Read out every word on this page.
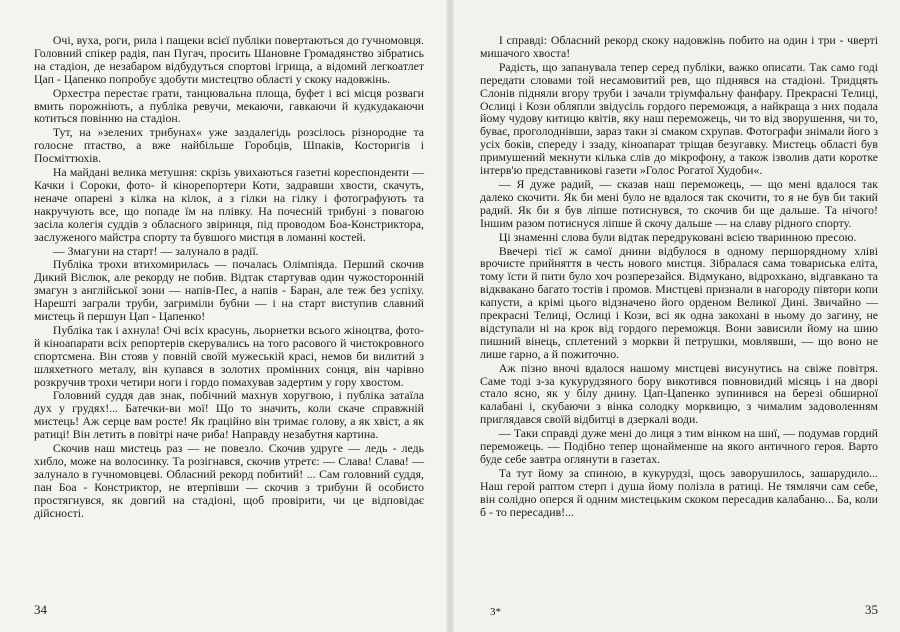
Очі, вуха, роги, рила і пащеки всієї публіки повертаються до гучномовця. Головний спікер радія, пан Пугач, просить Шановне Громадянство зібратись на стадіон, де незабаром відбудуться спортові ігрища, а відомий легкоатлет Цап - Цапенко попробує здобути мистецтво області у скоку надовжінь.

Орхестра перестає грати, танцювальна площа, буфет і всі місця розваги вмить порожніють, а публіка ревучи, мекаючи, гавкаючи й кудкудакаючи котиться повінню на стадіон.

Тут, на »зелених трибунах« уже заздалегідь розсілось різнородне та голосне птаство, а вже найбільше Горобців, Шпаків, Косторигів і Посміттюхів.

На майдані велика метушня: скрізь увихаються газетні кореспонденти — Качки і Сороки, фото- й кінорепортери Коти, задравши хвости, скачуть, неначе опарені з кілка на кілок, а з гілки на гілку і фотографують та накручують все, що попаде їм на плівку. На почесній трибуні з повагою засіла колегія суддів з обласного звіринця, під проводом Боа-Констриктора, заслуженого майстра спорту та бувшого мистця в ломанні костей.

— Змагуни на старт! — залунало в радії.

Публіка трохи втихомирилась — почалась Олімпіяда. Перший скочив Дикий Віслюк, але рекорду не побив. Відтак стартував один чужосторонній змагун з англійської зони — напів-Пес, а напів - Баран, але теж без успіху. Нарешті заграли труби, загриміли бубни — і на старт виступив славний мистець й першун Цап - Цапенко!

Публіка так і ахнула! Очі всіх красунь, льорнетки всього жіноцтва, фото- й кіноапарати всіх репортерів скерувались на того расового й чистокровного спортсмена. Він стояв у повній своїй мужеській красі, немов би вилитий з шляхетного металу, він купався в золотих промінних сонця, він чарівно розкручив трохи четири ноги і гордо помахував задертим у гору хвостом.

Головний суддя дав знак, побічний махнув хоругвою, і публіка затаїла дух у грудях!... Батечки-ви мої! Що то значить, коли скаче справжній мистець! Аж серце вам росте! Як ґраційно він тримає голову, а як хвіст, а як ратиці! Він летить в повітрі наче риба! Направду незабутня картина.

Скочив наш мистець раз — не повезло. Скочив удруге — ледь - ледь хибло, може на волосинку. Та розігнався, скочив утретє: — Слава! Слава! — залунало в гучномовцеві. Обласний рекорд побитий! ... Сам головний суддя, пан Боа - Констриктор, не втерпівши — скочив з трибуни й особисто простягнувся, як довгий на стадіоні, щоб провірити, чи це відповідає дійсності.

34

І справді: Обласний рекорд скоку надовжінь побито на один і три - чверті мишачого хвоста!

Радість, що запанувала тепер серед публіки, важко описати. Так само годі передати словами той несамовитий рев, що піднявся на стадіоні. Тридцять Слонів підняли вгору труби і зачали тріумфальну фанфару. Прекрасні Телиці, Ослиці і Кози обляпли звідусіль гордого переможця, а найкраща з них подала йому чудову китицю квітів, яку наш переможець, чи то від зворушення, чи то, буває, проголоднівши, зараз таки зі смаком схрупав. Фотографи знімали його з усіх боків, спереду і ззаду, кіноапарат тріщав безугавку. Мистець області був примушений мекнути кілька слів до мікрофону, а також ізволив дати коротке інтерв'ю представникові газети »Голос Рогатої Худоби«.

— Я дуже радий, — сказав наш переможець, — що мені вдалося так далеко скочити. Як би мені було не вдалося так скочити, то я не був би такий радий. Як би я був ліпше потиснувся, то скочив би ще дальше. Та нічого! Іншим разом потиснуся ліпше й скочу дальше — на славу рідного спорту.

Ці знаменні слова були відтак передруковані всією тваринною пресою.

Ввечері тієї ж самої днини відбулося в одному першорядному хліві врочисте прийняття в честь нового мистця. Зібралася сама товариська еліта, тому їсти й пити було хоч розперезайся. Відмукано, відрохкано, відгавкано та відквакано багато тостів і промов. Мистцеві признали в нагороду півтори копи капусти, а крімі цього відзначено його орденом Великої Дині. Звичайно — прекрасні Телиці, Ослиці і Кози, всі як одна закохані в ньому до загину, не відступали ні на крок від гордого переможця. Вони зависили йому на шию пишний вінець, сплетений з моркви й петрушки, мовлявши, — що воно не лише гарно, а й пожиточно.

Аж пізно вночі вдалося нашому мистцеві висунутись на свіже повітря. Саме тоді з-за кукурудзяного бору викотився повновидий місяць і на дворі стало ясно, як у білу днину. Цап-Цапенко зупинився на березі обширної калабані і, скубаючи з вінка солодку морквицю, з чималим задоволенням приглядався своїй відбитці в дзеркалі води.

— Таки справді дуже мені до лиця з тим вінком на шиї, — подумав гордий переможець. — Подібно тепер щонайменше на якого античного героя. Варто буде себе завтра оглянути в газетах.

Та тут йому за спиною, в кукурудзі, щось заворушилось, зашарудило... Наш герой раптом стерп і душа йому полізла в ратиці. Не тямлячи сам себе, він солідно оперся й одним мистецьким скоком пересадив калабаню... Ба, коли б - то пересадив!...

35
3*
